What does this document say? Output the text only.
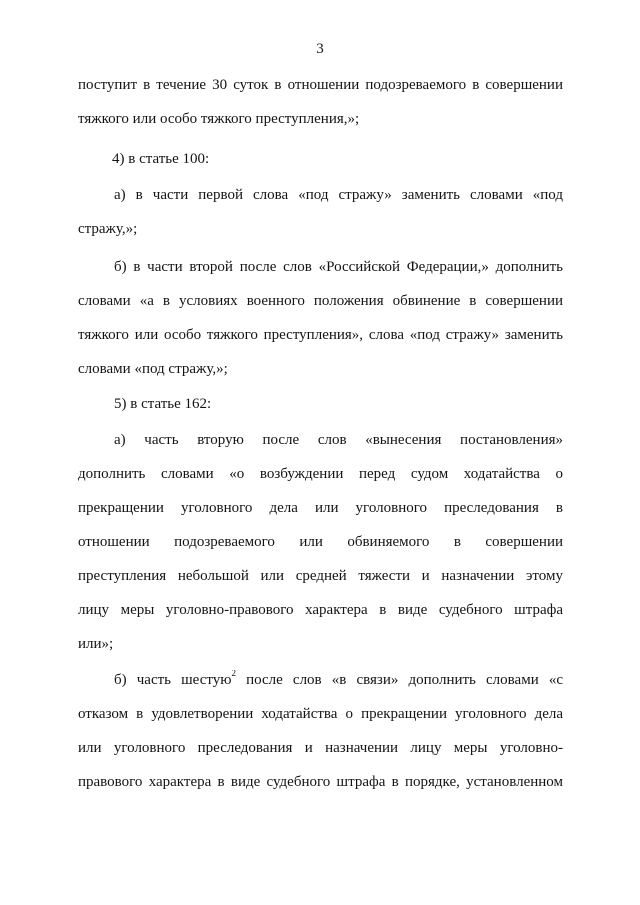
3
поступит в течение 30 суток в отношении подозреваемого в совершении
тяжкого или особо тяжкого преступления,»;
4) в статье 100:
а) в части первой слова «под стражу» заменить словами «под
стражу,»;
б) в части второй после слов «Российской Федерации,» дополнить
словами «а в условиях военного положения обвинение в совершении
тяжкого или особо тяжкого преступления», слова «под стражу» заменить
словами «под стражу,»;
5) в статье 162:
а) часть вторую после слов «вынесения постановления»
дополнить словами «о возбуждении перед судом ходатайства о
прекращении уголовного дела или уголовного преследования в
отношении подозреваемого или обвиняемого в совершении
преступления небольшой или средней тяжести и назначении этому
лицу меры уголовно-правового характера в виде судебного штрафа
или»;
б) часть шестую$^2$ после слов «в связи» дополнить словами «с
отказом в удовлетворении ходатайства о прекращении уголовного дела
или уголовного преследования и назначении лицу меры уголовно-
правового характера в виде судебного штрафа в порядке, установленном
